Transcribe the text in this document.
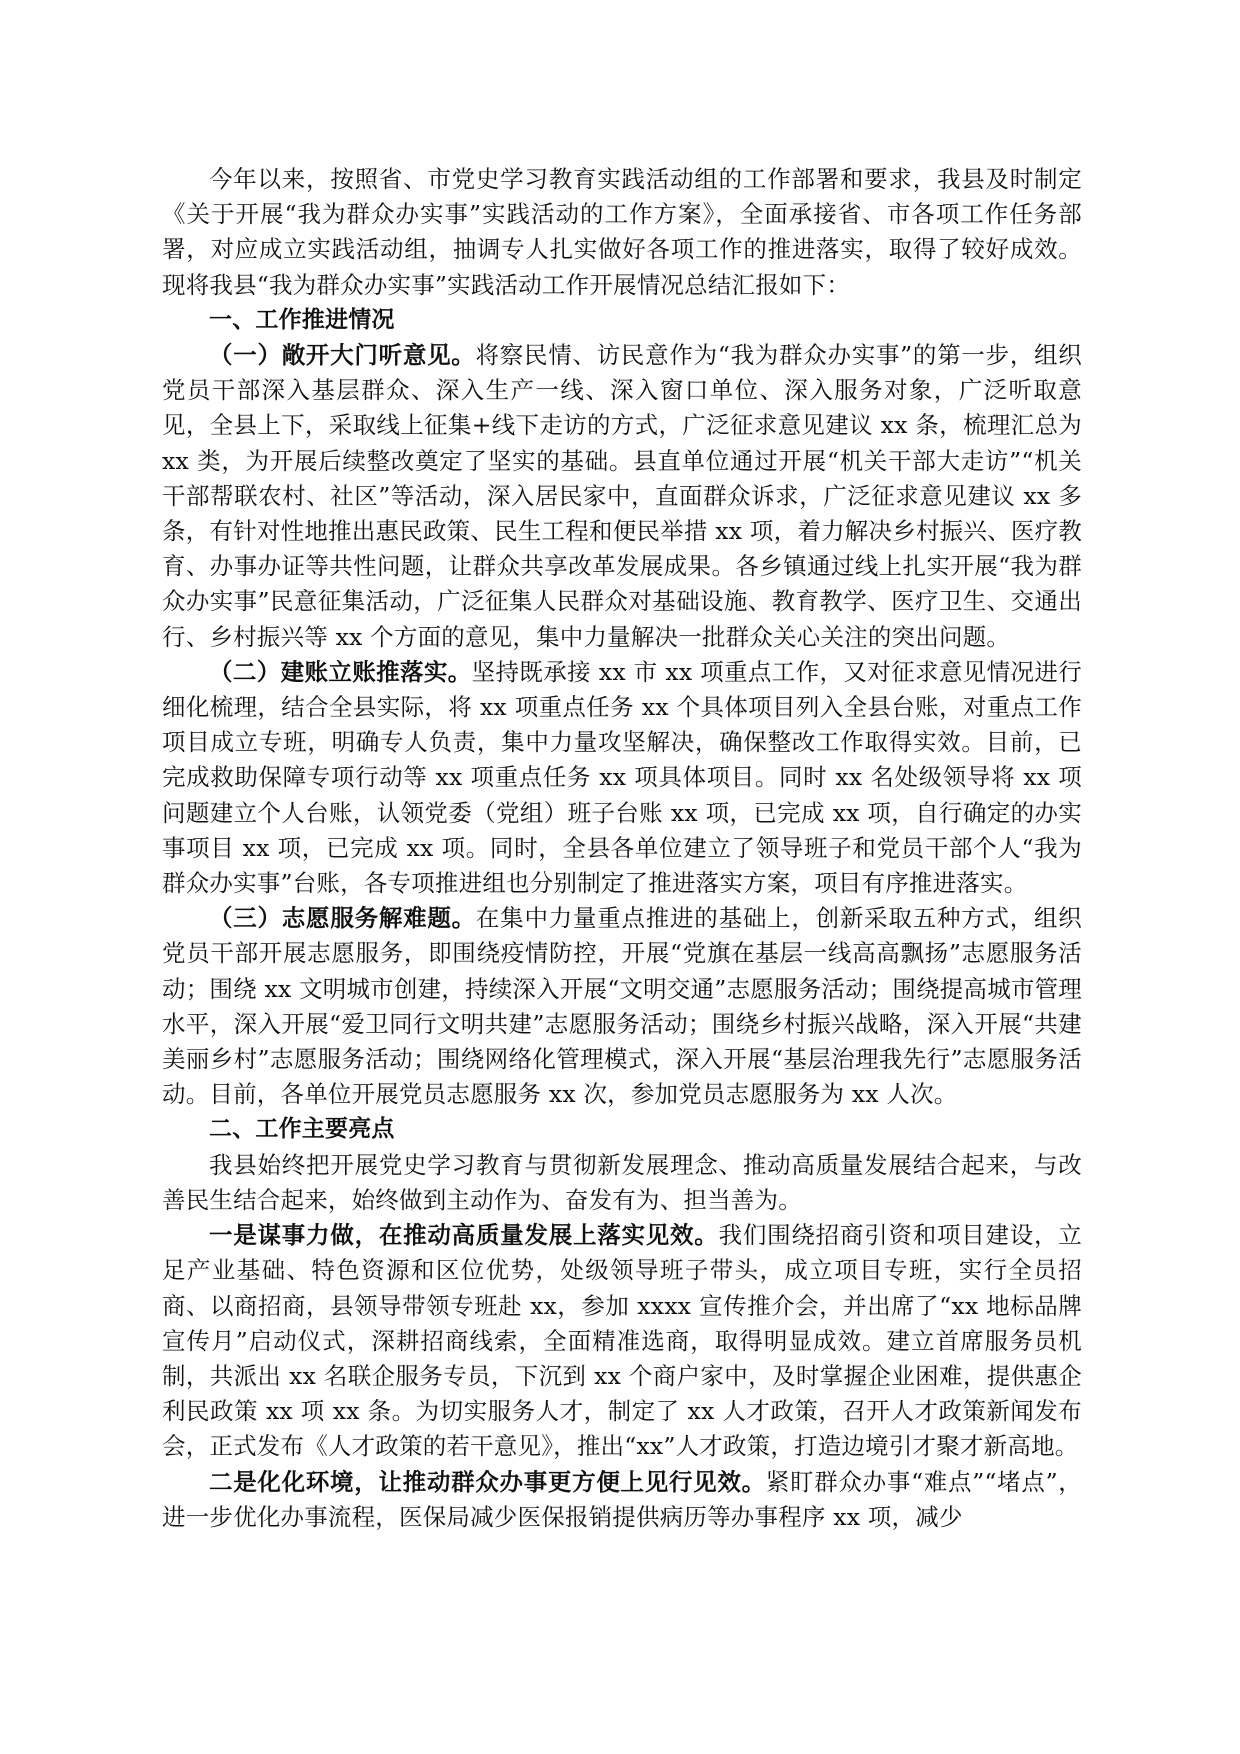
今年以来，按照省、市党史学习教育实践活动组的工作部署和要求，我县及时制定《关于开展“我为群众办实事”实践活动的工作方案》，全面承接省、市各项工作任务部署，对应成立实践活动组，抽调专人扎实做好各项工作的推进落实，取得了较好成效。现将我县“我为群众办实事”实践活动工作开展情况总结汇报如下：

一、工作推进情况

（一）敞开大门听意见。将察民情、访民意作为“我为群众办实事”的第一步，组织党员干部深入基层群众、深入生产一线、深入窗口单位、深入服务对象，广泛听取意见，全县上下，采取线上征集+线下走访的方式，广泛征求意见建议 xx 条，梳理汇总为 xx 类，为开展后续整改奠定了坚实的基础。县直单位通过开展“机关干部大走访”“机关干部帮联农村、社区”等活动，深入居民家中，直面群众诉求，广泛征求意见建议 xx 多条，有针对性地推出惠民政策、民生工程和便民举措 xx 项，着力解决乡村振兴、医疗教育、办事办证等共性问题，让群众共享改革发展成果。各乡镇通过线上扎实开展“我为群众办实事”民意征集活动，广泛征集人民群众对基础设施、教育教学、医疗卫生、交通出行、乡村振兴等 xx 个方面的意见，集中力量解决一批群众关心关注的突出问题。

（二）建账立账推落实。坚持既承接 xx 市 xx 项重点工作，又对征求意见情况进行细化梳理，结合全县实际，将 xx 项重点任务 xx 个具体项目列入全县台账，对重点工作项目成立专班，明确专人负责，集中力量攻坚解决，确保整改工作取得实效。目前，已完成救助保障专项行动等 xx 项重点任务 xx 项具体项目。同时 xx 名处级领导将 xx 项问题建立个人台账，认领党委（党组）班子台账 xx 项，已完成 xx 项，自行确定的办实事项目 xx 项，已完成 xx 项。同时，全县各单位建立了领导班子和党员干部个人“我为群众办实事”台账，各专项推进组也分别制定了推进落实方案，项目有序推进落实。

（三）志愿服务解难题。在集中力量重点推进的基础上，创新采取五种方式，组织党员干部开展志愿服务，即围绕疫情防控，开展“党旗在基层一线高高飘扬”志愿服务活动；围绕 xx 文明城市创建，持续深入开展“文明交通”志愿服务活动；围绕提高城市管理水平，深入开展“爱卫同行文明共建”志愿服务活动；围绕乡村振兴战略，深入开展“共建美丽乡村”志愿服务活动；围绕网络化管理模式，深入开展“基层治理我先行”志愿服务活动。目前，各单位开展党员志愿服务 xx 次，参加党员志愿服务为 xx 人次。

二、工作主要亮点

我县始终把开展党史学习教育与贯彻新发展理念、推动高质量发展结合起来，与改善民生结合起来，始终做到主动作为、奋发有为、担当善为。

一是谋事力做，在推动高质量发展上落实见效。我们围绕招商引资和项目建设，立足产业基础、特色资源和区位优势，处级领导班子带头，成立项目专班，实行全员招商、以商招商，县领导带领专班赴 xx，参加 xxxx 宣传推介会，并出席了“xx 地标品牌宣传月”启动仪式，深耕招商线索，全面精准选商，取得明显成效。建立首席服务员机制，共派出 xx 名联企服务专员，下沉到 xx 个商户家中，及时掌握企业困难，提供惠企利民政策 xx 项 xx 条。为切实服务人才，制定了 xx 人才政策，召开人才政策新闻发布会，正式发布《人才政策的若干意见》，推出“xx”人才政策，打造边境引才聚才新高地。

二是化化环境，让推动群众办事更方便上见行见效。紧盯群众办事“难点”“堵点”，进一步优化办事流程，医保局减少医保报销提供病历等办事程序 xx 项，减少
